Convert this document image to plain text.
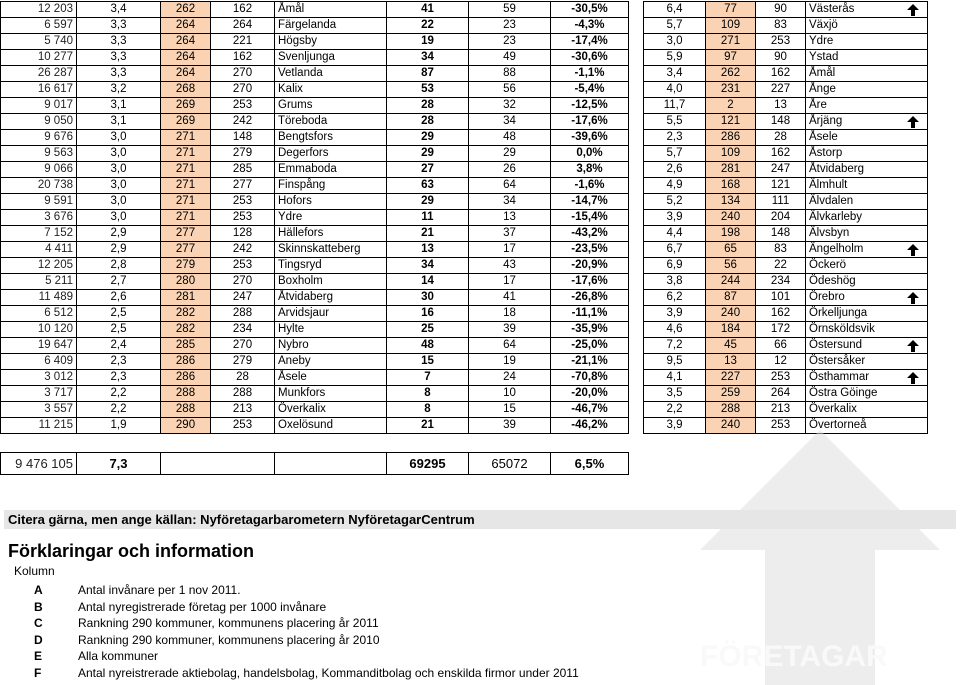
12 203	3,4	262	162	Åmål	41	59	-30,5%
6 597	3,3	264	264	Färgelanda	22	23	-4,3%
5 740	3,3	264	221	Högsby	19	23	-17,4%
10 277	3,3	264	162	Svenljunga	34	49	-30,6%
26 287	3,3	264	270	Vetlanda	87	88	-1,1%
16 617	3,2	268	270	Kalix	53	56	-5,4%
9 017	3,1	269	253	Grums	28	32	-12,5%
9 050	3,1	269	242	Töreboda	28	34	-17,6%
9 676	3,0	271	148	Bengtsfors	29	48	-39,6%
9 563	3,0	271	279	Degerfors	29	29	0,0%
9 066	3,0	271	285	Emmaboda	27	26	3,8%
20 738	3,0	271	277	Finspång	63	64	-1,6%
9 591	3,0	271	253	Hofors	29	34	-14,7%
3 676	3,0	271	253	Ydre	11	13	-15,4%
7 152	2,9	277	128	Hällefors	21	37	-43,2%
4 411	2,9	277	242	Skinnskatteberg	13	17	-23,5%
12 205	2,8	279	253	Tingsryd	34	43	-20,9%
5 211	2,7	280	270	Boxholm	14	17	-17,6%
11 489	2,6	281	247	Åtvidaberg	30	41	-26,8%
6 512	2,5	282	288	Arvidsjaur	16	18	-11,1%
10 120	2,5	282	234	Hylte	25	39	-35,9%
19 647	2,4	285	270	Nybro	48	64	-25,0%
6 409	2,3	286	279	Aneby	15	19	-21,1%
3 012	2,3	286	28	Åsele	7	24	-70,8%
3 717	2,2	288	288	Munkfors	8	10	-20,0%
3 557	2,2	288	213	Överkalix	8	15	-46,7%
11 215	1,9	290	253	Oxelösund	21	39	-46,2%
6,4	77	90	Västerås	

5,7	109	83	Växjö	
3,0	271	253	Ydre	
5,9	97	90	Ystad	
3,4	262	162	Åmål	
4,0	231	227	Ånge	
11,7	2	13	Åre	
5,5	121	148	Årjäng	

2,3	286	28	Åsele	
5,7	109	162	Åstorp	
2,6	281	247	Åtvidaberg	
4,9	168	121	Älmhult	
5,2	134	111	Älvdalen	
3,9	240	204	Älvkarleby	
4,4	198	148	Älvsbyn	
6,7	65	83	Ängelholm	

6,9	56	22	Öckerö	
3,8	244	234	Ödeshög	
6,2	87	101	Örebro	

3,9	240	162	Örkelljunga	
4,6	184	172	Örnsköldsvik	
7,2	45	66	Östersund	

9,5	13	12	Östersåker	
4,1	227	253	Östhammar	

3,5	259	264	Östra Göinge	
2,2	288	213	Överkalix	
3,9	240	253	Övertorneå	
9 476 105	7,3			69295	65072	6,5%
FÖRETAGAR
Citera gärna, men ange källan: Nyföretagarbarometern NyföretagarCentrum
Förklaringar och information
Kolumn
A	Antal invånare per 1 nov 2011.
B	Antal nyregistrerade företag per 1000 invånare
C	Rankning 290 kommuner, kommunens placering år 2011
D	Rankning 290 kommuner, kommunens placering år 2010
E	Alla kommuner
F	Antal nyreistrerade aktiebolag, handelsbolag, Kommanditbolag och enskilda firmor under 2011
